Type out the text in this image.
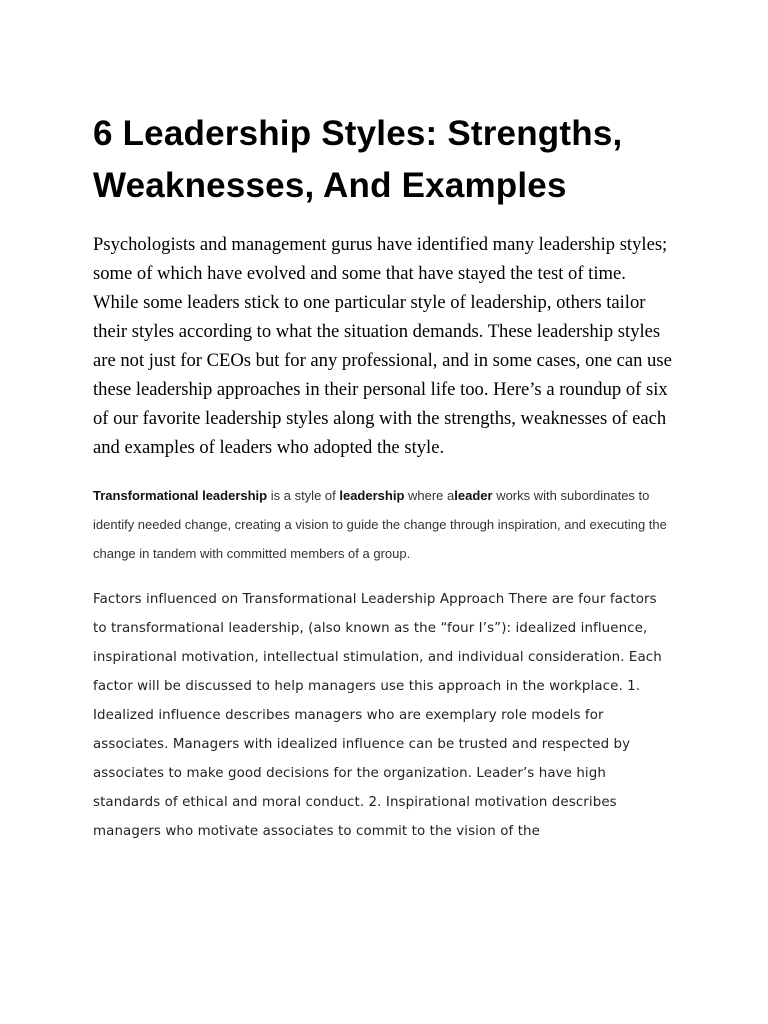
6 Leadership Styles: Strengths, Weaknesses, And Examples

Psychologists and management gurus have identified many leadership styles; some of which have evolved and some that have stayed the test of time. While some leaders stick to one particular style of leadership, others tailor their styles according to what the situation demands. These leadership styles are not just for CEOs but for any professional, and in some cases, one can use these leadership approaches in their personal life too. Here’s a roundup of six of our favorite leadership styles along with the strengths, weaknesses of each and examples of leaders who adopted the style.

Transformational leadership is a style of leadership where aleader works with subordinates to identify needed change, creating a vision to guide the change through inspiration, and executing the change in tandem with committed members of a group.

Factors influenced on Transformational Leadership Approach There are four factors to transformational leadership, (also known as the “four I’s”): idealized influence, inspirational motivation, intellectual stimulation, and individual consideration. Each factor will be discussed to help managers use this approach in the workplace. 1. Idealized influence describes managers who are exemplary role models for associates. Managers with idealized influence can be trusted and respected by associates to make good decisions for the organization. Leader’s have high standards of ethical and moral conduct. 2. Inspirational motivation describes managers who motivate associates to commit to the vision of the
